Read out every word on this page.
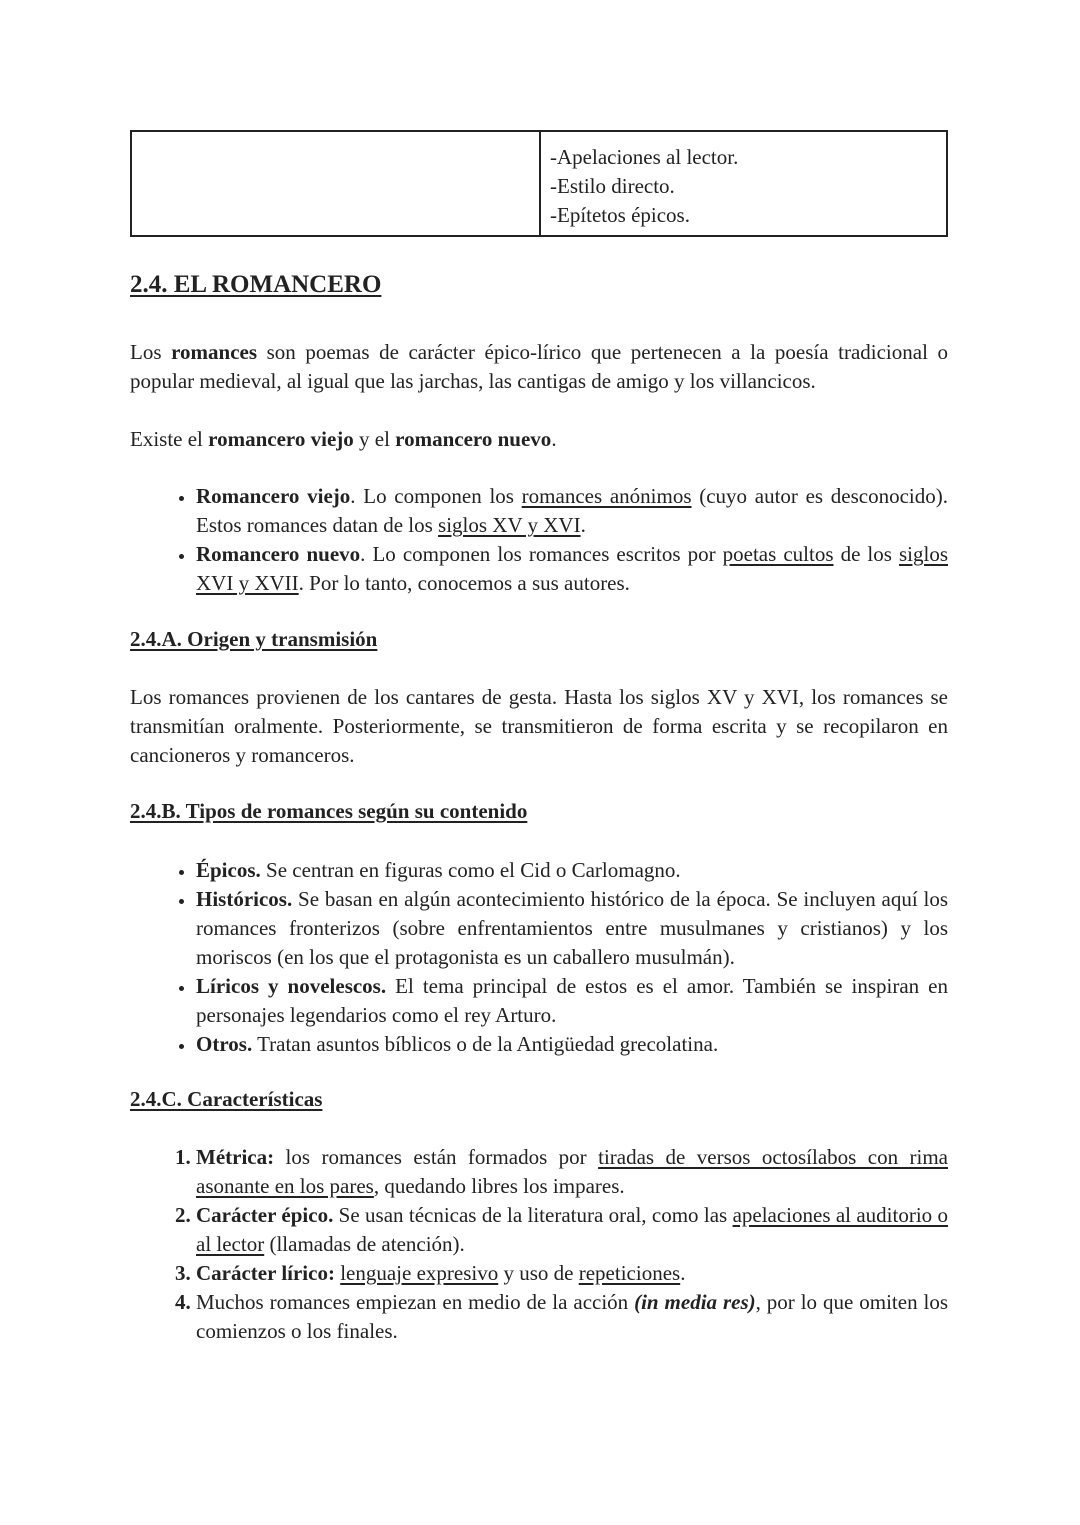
-Apelaciones al lector.
-Estilo directo.
-Epítetos épicos.
2.4. EL ROMANCERO

Los romances son poemas de carácter épico-lírico que pertenecen a la poesía tradicional o popular medieval, al igual que las jarchas, las cantigas de amigo y los villancicos.

Existe el romancero viejo y el romancero nuevo.

• Romancero viejo. Lo componen los romances anónimos (cuyo autor es desconocido). Estos romances datan de los siglos XV y XVI.
• Romancero nuevo. Lo componen los romances escritos por poetas cultos de los siglos XVI y XVII. Por lo tanto, conocemos a sus autores.
2.4.A. Origen y transmisión

Los romances provienen de los cantares de gesta. Hasta los siglos XV y XVI, los romances se transmitían oralmente. Posteriormente, se transmitieron de forma escrita y se recopilaron en cancioneros y romanceros.

2.4.B. Tipos de romances según su contenido
• Épicos. Se centran en figuras como el Cid o Carlomagno.
• Históricos. Se basan en algún acontecimiento histórico de la época. Se incluyen aquí los romances fronterizos (sobre enfrentamientos entre musulmanes y cristianos) y los moriscos (en los que el protagonista es un caballero musulmán).
• Líricos y novelescos. El tema principal de estos es el amor. También se inspiran en personajes legendarios como el rey Arturo.
• Otros. Tratan asuntos bíblicos o de la Antigüedad grecolatina.
2.4.C. Características
1. Métrica: los romances están formados por tiradas de versos octosílabos con rima asonante en los pares, quedando libres los impares.
2. Carácter épico. Se usan técnicas de la literatura oral, como las apelaciones al auditorio o al lector (llamadas de atención).
3. Carácter lírico: lenguaje expresivo y uso de repeticiones.
4. Muchos romances empiezan en medio de la acción (in media res), por lo que omiten los comienzos o los finales.
